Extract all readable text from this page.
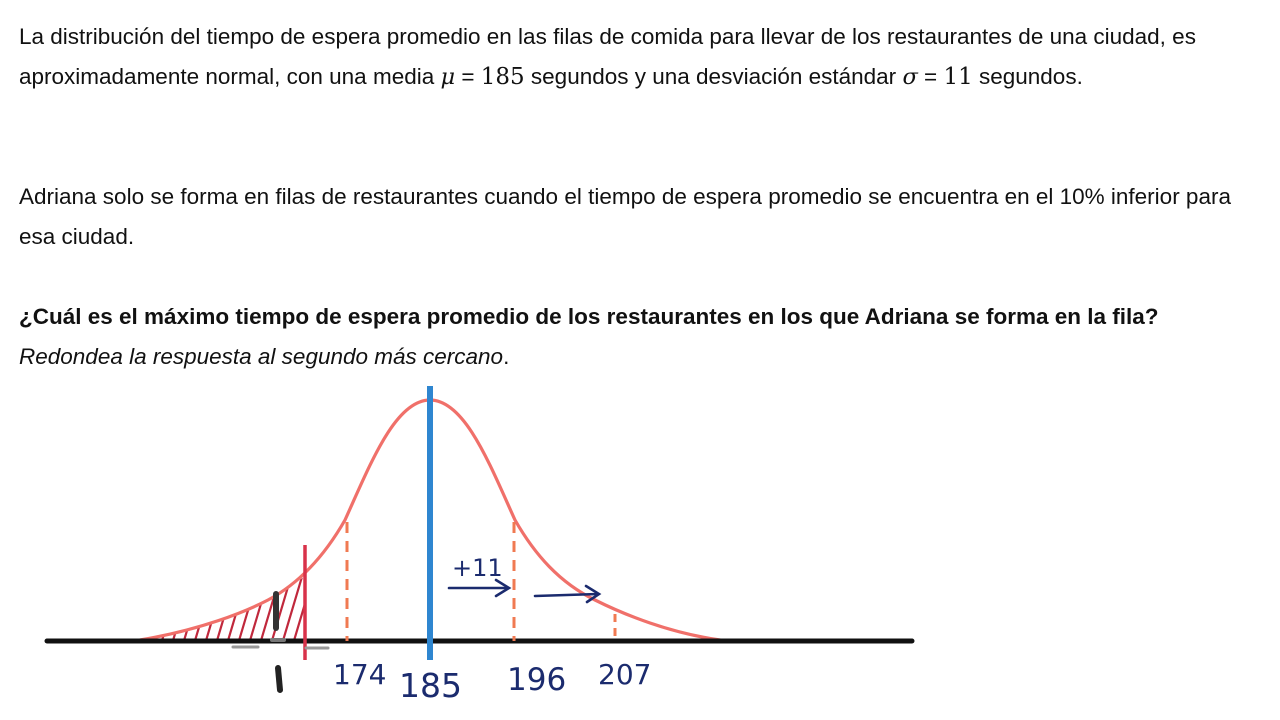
La distribución del tiempo de espera promedio en las filas de comida para llevar de los restaurantes de una ciudad, es aproximadamente normal, con una media μ = 185 segundos y una desviación estándar σ = 11 segundos.
Adriana solo se forma en filas de restaurantes cuando el tiempo de espera promedio se encuentra en el 10% inferior para esa ciudad.
¿Cuál es el máximo tiempo de espera promedio de los restaurantes en los que Adriana se forma en la fila?
Redondea la respuesta al segundo más cercano.
+11
174 185 196 207
